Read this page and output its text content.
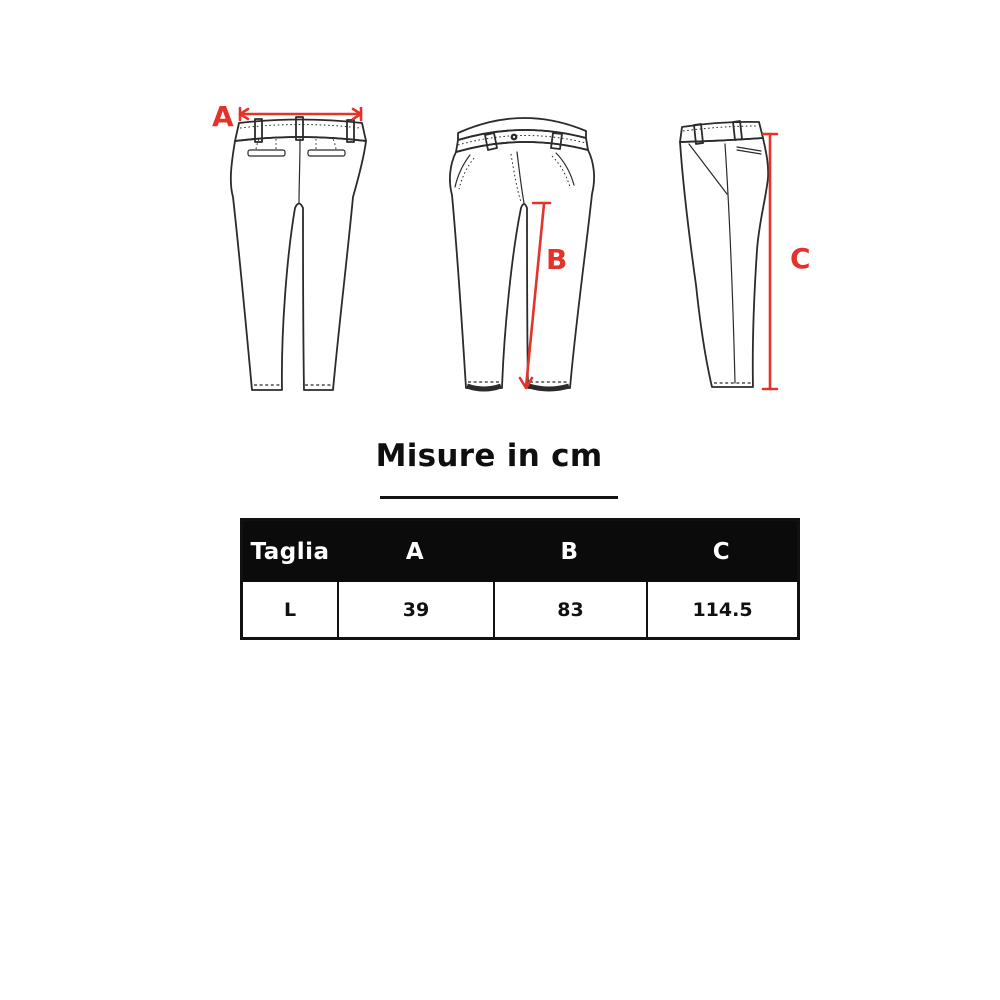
A
B	C
Misure in cm
Taglia	A	B	C
L	39	83	114.5
